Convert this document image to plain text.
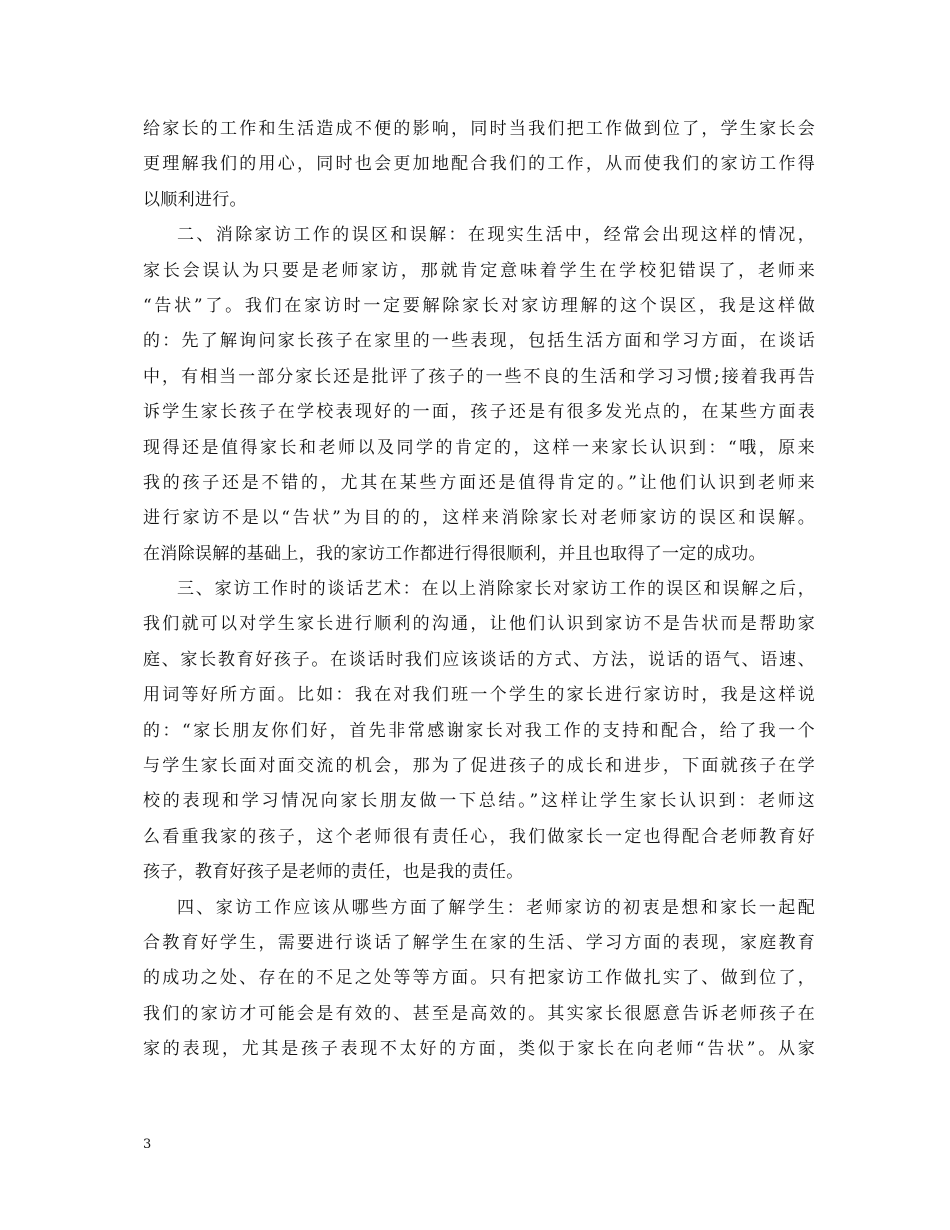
给家长的工作和生活造成不便的影响，同时当我们把工作做到位了，学生家长会
更理解我们的用心，同时也会更加地配合我们的工作，从而使我们的家访工作得
以顺利进行。
二、消除家访工作的误区和误解：在现实生活中，经常会出现这样的情况，
家长会误认为只要是老师家访，那就肯定意味着学生在学校犯错误了，老师来
“告状”了。我们在家访时一定要解除家长对家访理解的这个误区，我是这样做
的：先了解询问家长孩子在家里的一些表现，包括生活方面和学习方面，在谈话
中，有相当一部分家长还是批评了孩子的一些不良的生活和学习习惯;接着我再告
诉学生家长孩子在学校表现好的一面，孩子还是有很多发光点的，在某些方面表
现得还是值得家长和老师以及同学的肯定的，这样一来家长认识到：“哦，原来
我的孩子还是不错的，尤其在某些方面还是值得肯定的。”让他们认识到老师来
进行家访不是以“告状”为目的的，这样来消除家长对老师家访的误区和误解。
在消除误解的基础上，我的家访工作都进行得很顺利，并且也取得了一定的成功。
三、家访工作时的谈话艺术：在以上消除家长对家访工作的误区和误解之后，
我们就可以对学生家长进行顺利的沟通，让他们认识到家访不是告状而是帮助家
庭、家长教育好孩子。在谈话时我们应该谈话的方式、方法，说话的语气、语速、
用词等好所方面。比如：我在对我们班一个学生的家长进行家访时，我是这样说
的：“家长朋友你们好，首先非常感谢家长对我工作的支持和配合，给了我一个
与学生家长面对面交流的机会，那为了促进孩子的成长和进步，下面就孩子在学
校的表现和学习情况向家长朋友做一下总结。”这样让学生家长认识到：老师这
么看重我家的孩子，这个老师很有责任心，我们做家长一定也得配合老师教育好
孩子，教育好孩子是老师的责任，也是我的责任。
四、家访工作应该从哪些方面了解学生：老师家访的初衷是想和家长一起配
合教育好学生，需要进行谈话了解学生在家的生活、学习方面的表现，家庭教育
的成功之处、存在的不足之处等等方面。只有把家访工作做扎实了、做到位了，
我们的家访才可能会是有效的、甚至是高效的。其实家长很愿意告诉老师孩子在
家的表现，尤其是孩子表现不太好的方面，类似于家长在向老师“告状”。从家
3
